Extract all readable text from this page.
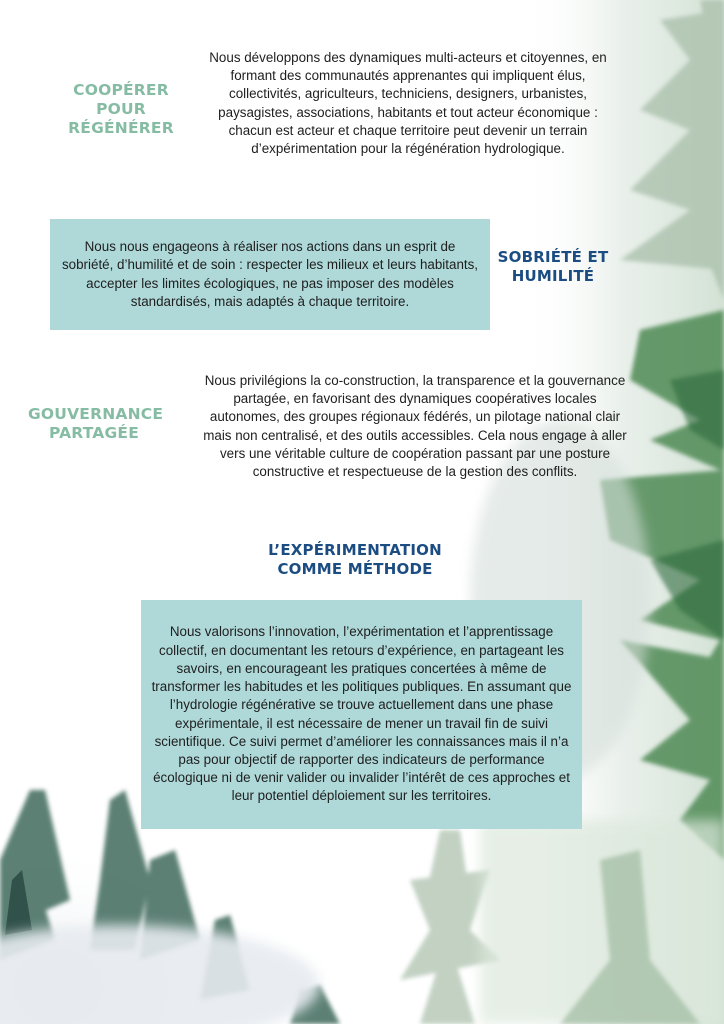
COOPÉRER
POUR
RÉGÉNÉRER
Nous développons des dynamiques multi-acteurs et citoyennes, en formant des communautés apprenantes qui impliquent élus, collectivités, agriculteurs, techniciens, designers, urbanistes, paysagistes, associations, habitants et tout acteur économique : chacun est acteur et chaque territoire peut devenir un terrain d’expérimentation pour la régénération hydrologique.
Nous nous engageons à réaliser nos actions dans un esprit de sobriété, d’humilité et de soin : respecter les milieux et leurs habitants, accepter les limites écologiques, ne pas imposer des modèles standardisés, mais adaptés à chaque territoire.
SOBRIÉTÉ ET
HUMILITÉ
GOUVERNANCE
PARTAGÉE
Nous privilégions la co-construction, la transparence et la gouvernance partagée, en favorisant des dynamiques coopératives locales autonomes, des groupes régionaux fédérés, un pilotage national clair mais non centralisé, et des outils accessibles. Cela nous engage à aller vers une véritable culture de coopération passant par une posture constructive et respectueuse de la gestion des conflits.
L’EXPÉRIMENTATION
COMME MÉTHODE
Nous valorisons l’innovation, l’expérimentation et l’apprentissage collectif, en documentant les retours d’expérience, en partageant les savoirs, en encourageant les pratiques concertées à même de transformer les habitudes et les politiques publiques. En assumant que l’hydrologie régénérative se trouve actuellement dans une phase expérimentale, il est nécessaire de mener un travail fin de suivi scientifique. Ce suivi permet d’améliorer les connaissances mais il n’a pas pour objectif de rapporter des indicateurs de performance écologique ni de venir valider ou invalider l’intérêt de ces approches et leur potentiel déploiement sur les territoires.
